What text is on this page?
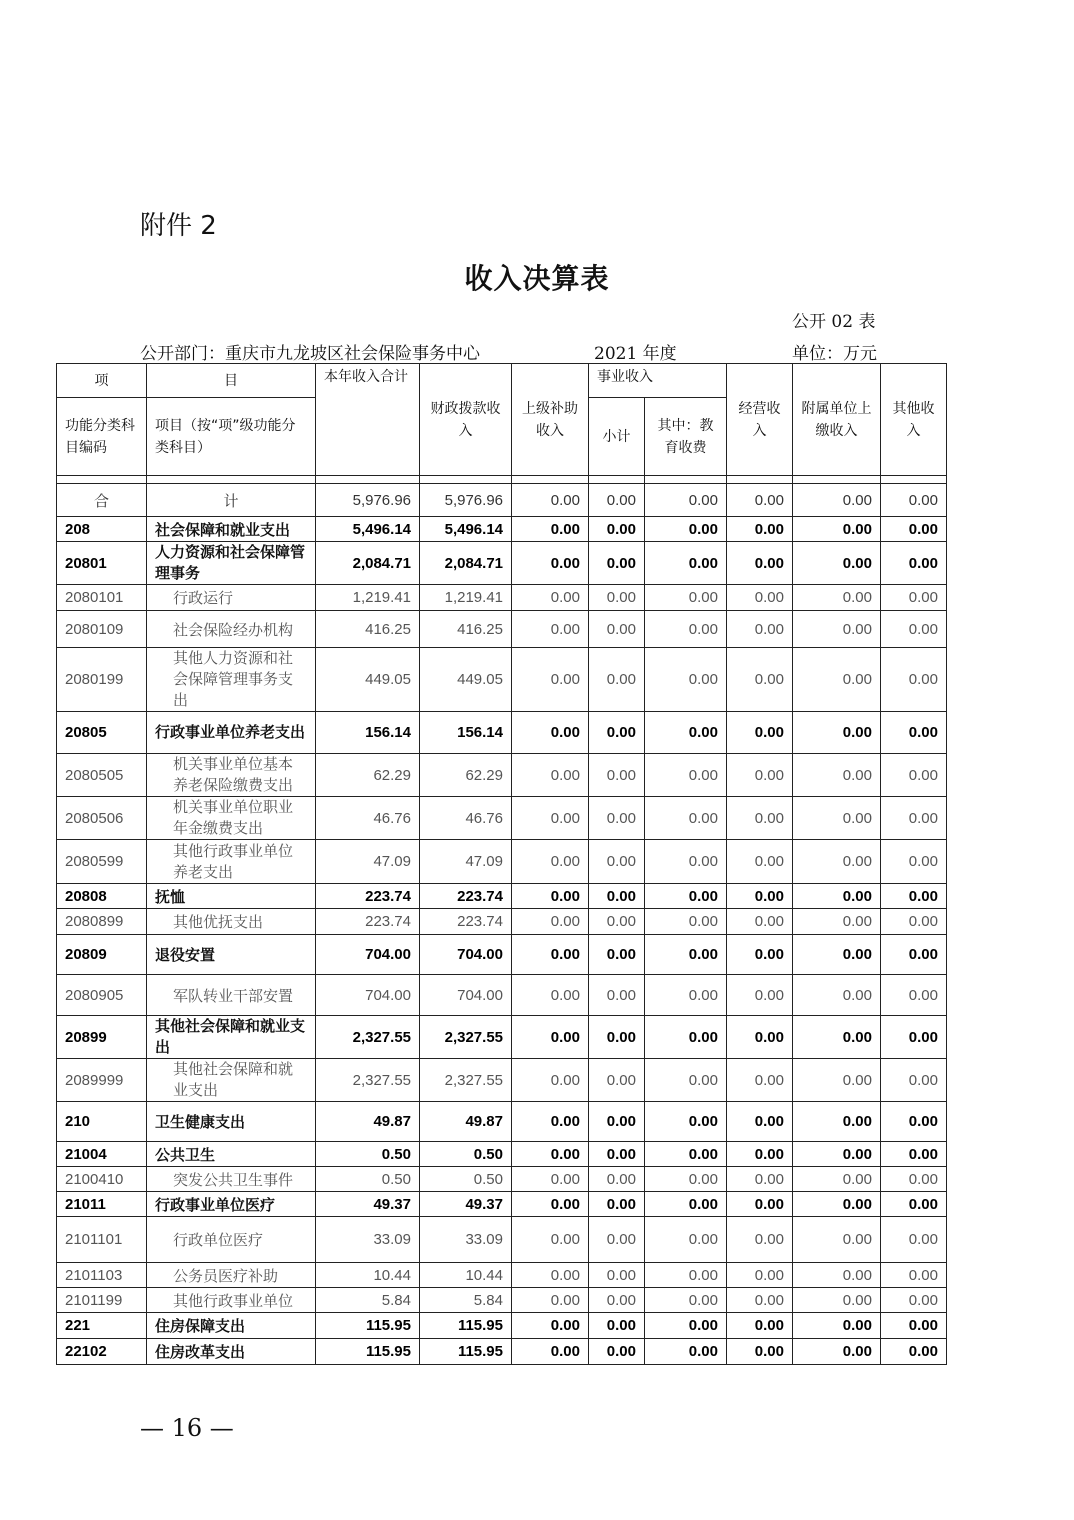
附件 2
收入决算表
公开 02 表
公开部门：重庆市九龙坡区社会保险事务中心	2021 年度	单位：万元
项	目	本年收入合计	财政拨款收入	上级补助收入	事业收入		经营收入	附属单位上缴收入	其他收入
功能分类科目编码	项目（按“项”级功能分类科目）				小计	其中：教育收费			

合	计	5,976.96	5,976.96	0.00	0.00	0.00	0.00	0.00	0.00
208	社会保障和就业支出	5,496.14	5,496.14	0.00	0.00	0.00	0.00	0.00	0.00
20801	人力资源和社会保障管理事务	2,084.71	2,084.71	0.00	0.00	0.00	0.00	0.00	0.00
2080101	行政运行	1,219.41	1,219.41	0.00	0.00	0.00	0.00	0.00	0.00
2080109	社会保险经办机构	416.25	416.25	0.00	0.00	0.00	0.00	0.00	0.00
2080199	其他人力资源和社会保障管理事务支出	449.05	449.05	0.00	0.00	0.00	0.00	0.00	0.00
20805	行政事业单位养老支出	156.14	156.14	0.00	0.00	0.00	0.00	0.00	0.00
2080505	机关事业单位基本养老保险缴费支出	62.29	62.29	0.00	0.00	0.00	0.00	0.00	0.00
2080506	机关事业单位职业年金缴费支出	46.76	46.76	0.00	0.00	0.00	0.00	0.00	0.00
2080599	其他行政事业单位养老支出	47.09	47.09	0.00	0.00	0.00	0.00	0.00	0.00
20808	抚恤	223.74	223.74	0.00	0.00	0.00	0.00	0.00	0.00
2080899	其他优抚支出	223.74	223.74	0.00	0.00	0.00	0.00	0.00	0.00
20809	退役安置	704.00	704.00	0.00	0.00	0.00	0.00	0.00	0.00
2080905	军队转业干部安置	704.00	704.00	0.00	0.00	0.00	0.00	0.00	0.00
20899	其他社会保障和就业支出	2,327.55	2,327.55	0.00	0.00	0.00	0.00	0.00	0.00
2089999	其他社会保障和就业支出	2,327.55	2,327.55	0.00	0.00	0.00	0.00	0.00	0.00
210	卫生健康支出	49.87	49.87	0.00	0.00	0.00	0.00	0.00	0.00
21004	公共卫生	0.50	0.50	0.00	0.00	0.00	0.00	0.00	0.00
2100410	突发公共卫生事件	0.50	0.50	0.00	0.00	0.00	0.00	0.00	0.00
21011	行政事业单位医疗	49.37	49.37	0.00	0.00	0.00	0.00	0.00	0.00
2101101	行政单位医疗	33.09	33.09	0.00	0.00	0.00	0.00	0.00	0.00
2101103	公务员医疗补助	10.44	10.44	0.00	0.00	0.00	0.00	0.00	0.00
2101199	其他行政事业单位	5.84	5.84	0.00	0.00	0.00	0.00	0.00	0.00
221	住房保障支出	115.95	115.95	0.00	0.00	0.00	0.00	0.00	0.00
22102	住房改革支出	115.95	115.95	0.00	0.00	0.00	0.00	0.00	0.00
— 16 —
